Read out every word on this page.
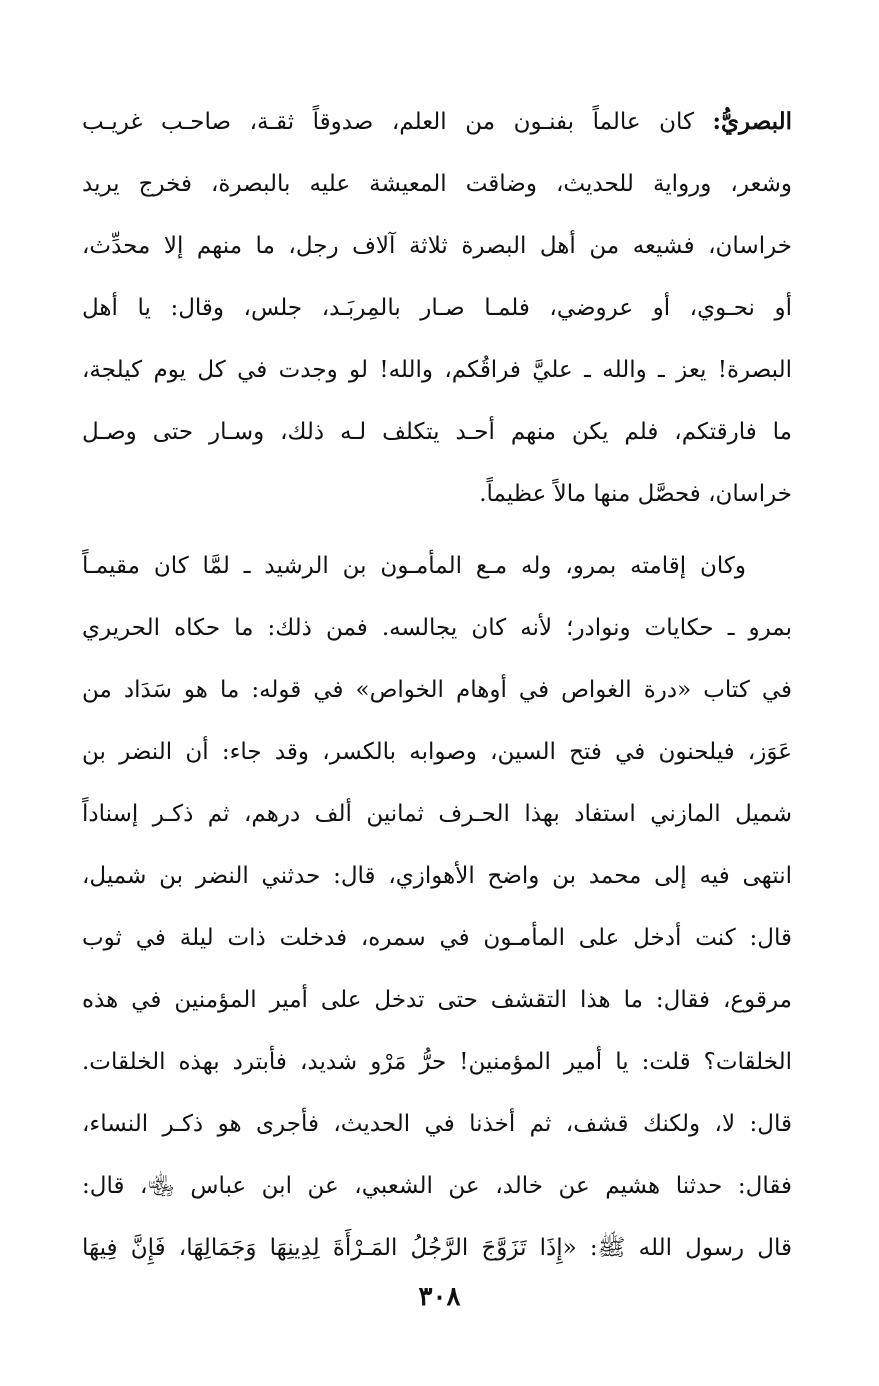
البصريُّ: كان عالماً بفنـون من العلم، صدوقاً ثقـة، صاحـب غريـب
وشعر، ورواية للحديث، وضاقت المعيشة عليه بالبصرة، فخرج يريد
خراسان، فشيعه من أهل البصرة ثلاثة آلاف رجل، ما منهم إلا محدِّث،
أو نحـوي، أو عروضي، فلمـا صـار بالمِربَـد، جلس، وقال: يا أهل
البصرة! يعز ـ والله ـ عليَّ فراقُكم، والله! لو وجدت في كل يوم كيلجة،
ما فارقتكم، فلم يكن منهم أحـد يتكلف لـه ذلك، وسـار حتى وصـل
خراسان، فحصَّل منها مالاً عظيماً.
وكان إقامته بمرو، وله مـع المأمـون بن الرشيد ـ لمَّا كان مقيمـاً
بمرو ـ حكايات ونوادر؛ لأنه كان يجالسه. فمن ذلك: ما حكاه الحريري
في كتاب «درة الغواص في أوهام الخواص» في قوله: ما هو سَدَاد من
عَوَز، فيلحنون في فتح السين، وصوابه بالكسر، وقد جاء: أن النضر بن
شميل المازني استفاد بهذا الحـرف ثمانين ألف درهم، ثم ذكـر إسناداً
انتهى فيه إلى محمد بن واضح الأهوازي، قال: حدثني النضر بن شميل،
قال: كنت أدخل على المأمـون في سمره، فدخلت ذات ليلة في ثوب
مرقوع، فقال: ما هذا التقشف حتى تدخل على أمير المؤمنين في هذه
الخلقات؟ قلت: يا أمير المؤمنين! حرُّ مَرْو شديد، فأبترد بهذه الخلقات.
قال: لا، ولكنك قشف، ثم أخذنا في الحديث، فأجرى هو ذكـر النساء،
فقال: حدثنا هشيم عن خالد، عن الشعبي، عن ابن عباس ﵄، قال:
قال رسول الله ﷺ: «إِذَا تَزَوَّجَ الرَّجُلُ المَـرْأَةَ لِدِينِهَا وَجَمَالِهَا، فَإِنَّ فِيهَا
٣٠٨
